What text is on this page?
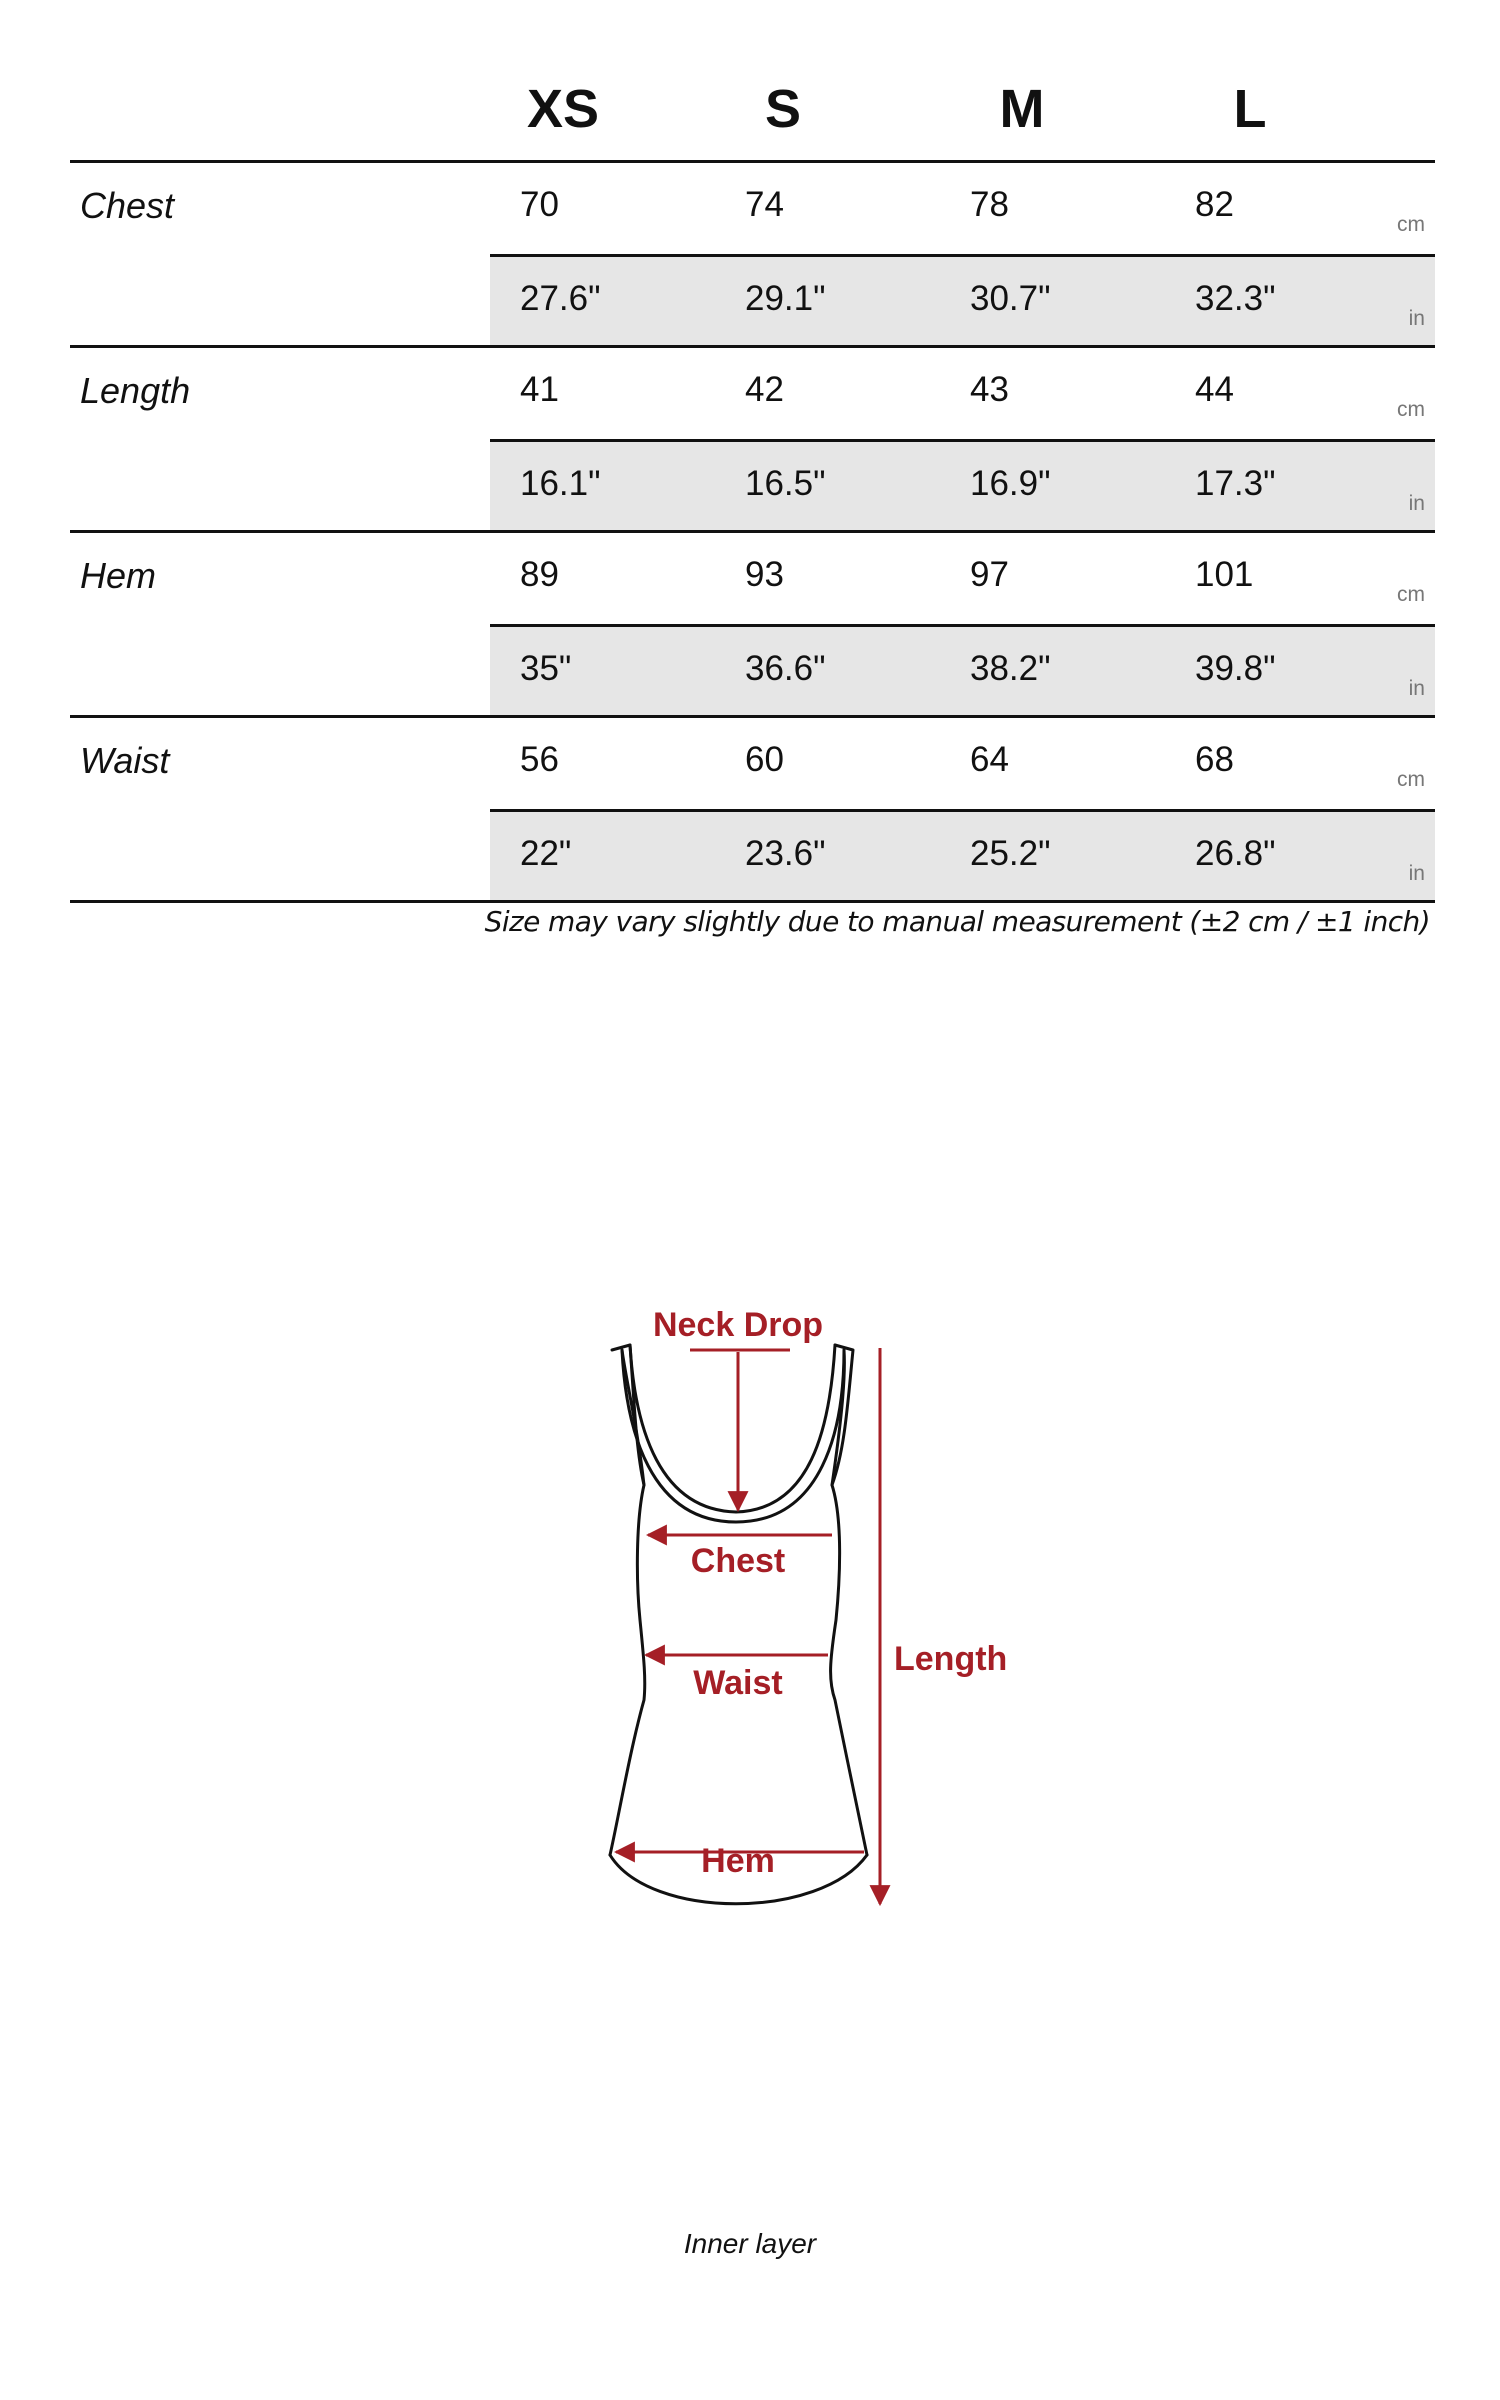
XS	S	M	L
Chest	70	74	78	82
cm
27.6"	29.1"	30.7"	32.3"
in
Length	41	42	43	44
cm
16.1"	16.5"	16.9"	17.3"
in
Hem	89	93	97	101
cm
35"	36.6"	38.2"	39.8"
in
Waist	56	60	64	68
cm
22"	23.6"	25.2"	26.8"
in
Size may vary slightly due to manual measurement (±2 cm / ±1 inch)
Neck Drop
Chest
Waist
Hem
Length
Inner layer
